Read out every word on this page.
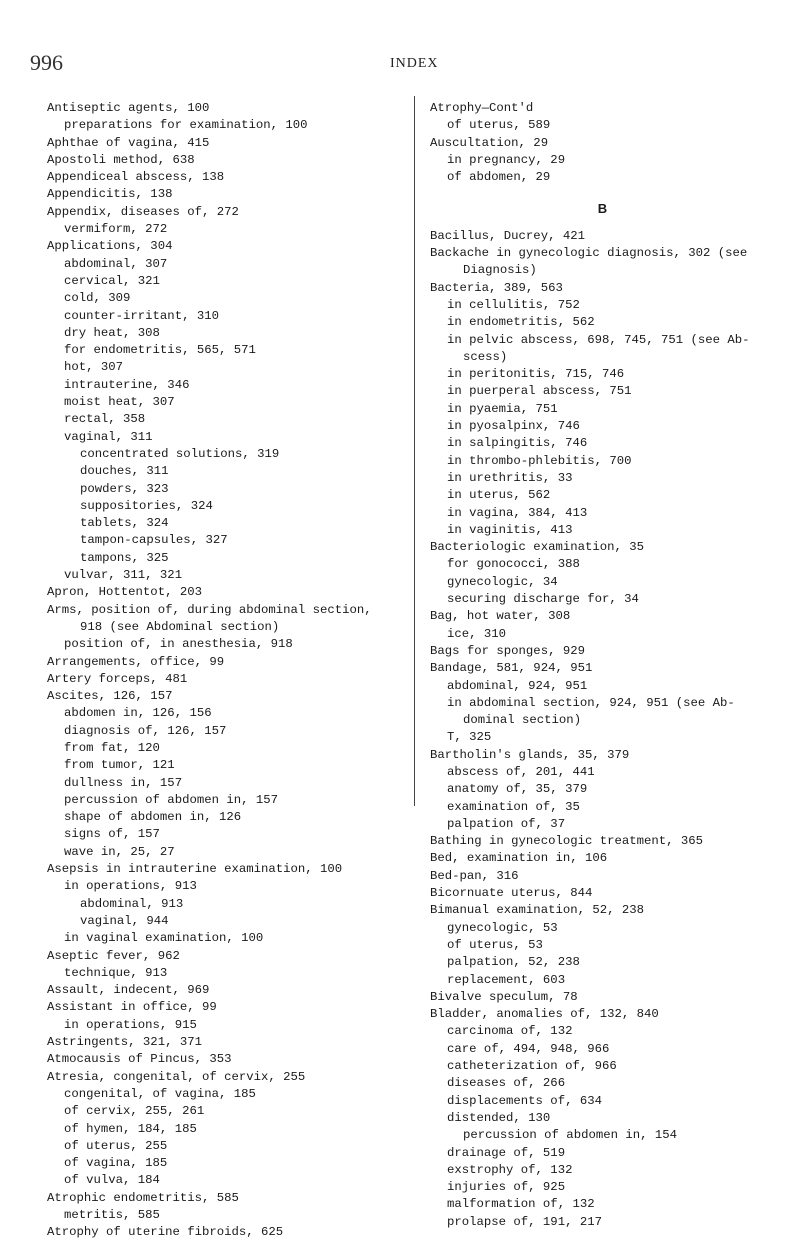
996	INDEX
Antiseptic agents, 100
preparations for examination, 100
Aphthae of vagina, 415
Apostoli method, 638
Appendiceal abscess, 138
Appendicitis, 138
Appendix, diseases of, 272
vermiform, 272
Applications, 304
abdominal, 307
cervical, 321
cold, 309
counter-irritant, 310
dry heat, 308
for endometritis, 565, 571
hot, 307
intrauterine, 346
moist heat, 307
rectal, 358
vaginal, 311
concentrated solutions, 319
douches, 311
powders, 323
suppositories, 324
tablets, 324
tampon-capsules, 327
tampons, 325
vulvar, 311, 321
Apron, Hottentot, 203
Arms, position of, during abdominal section,
918 (see Abdominal section)
position of, in anesthesia, 918
Arrangements, office, 99
Artery forceps, 481
Ascites, 126, 157
abdomen in, 126, 156
diagnosis of, 126, 157
from fat, 120
from tumor, 121
dullness in, 157
percussion of abdomen in, 157
shape of abdomen in, 126
signs of, 157
wave in, 25, 27
Asepsis in intrauterine examination, 100
in operations, 913
abdominal, 913
vaginal, 944
in vaginal examination, 100
Aseptic fever, 962
technique, 913
Assault, indecent, 969
Assistant in office, 99
in operations, 915
Astringents, 321, 371
Atmocausis of Pincus, 353
Atresia, congenital, of cervix, 255
congenital, of vagina, 185
of cervix, 255, 261
of hymen, 184, 185
of uterus, 255
of vagina, 185
of vulva, 184
Atrophic endometritis, 585
metritis, 585
Atrophy of uterine fibroids, 625
Atrophy—Cont'd
of uterus, 589
Auscultation, 29
in pregnancy, 29
of abdomen, 29
B
Bacillus, Ducrey, 421
Backache in gynecologic diagnosis, 302 (see
Diagnosis)
Bacteria, 389, 563
in cellulitis, 752
in endometritis, 562
in pelvic abscess, 698, 745, 751 (see Ab-
scess)
in peritonitis, 715, 746
in puerperal abscess, 751
in pyaemia, 751
in pyosalpinx, 746
in salpingitis, 746
in thrombo-phlebitis, 700
in urethritis, 33
in uterus, 562
in vagina, 384, 413
in vaginitis, 413
Bacteriologic examination, 35
for gonococci, 388
gynecologic, 34
securing discharge for, 34
Bag, hot water, 308
ice, 310
Bags for sponges, 929
Bandage, 581, 924, 951
abdominal, 924, 951
in abdominal section, 924, 951 (see Ab-
dominal section)
T, 325
Bartholin's glands, 35, 379
abscess of, 201, 441
anatomy of, 35, 379
examination of, 35
palpation of, 37
Bathing in gynecologic treatment, 365
Bed, examination in, 106
Bed-pan, 316
Bicornuate uterus, 844
Bimanual examination, 52, 238
gynecologic, 53
of uterus, 53
palpation, 52, 238
replacement, 603
Bivalve speculum, 78
Bladder, anomalies of, 132, 840
carcinoma of, 132
care of, 494, 948, 966
catheterization of, 966
diseases of, 266
displacements of, 634
distended, 130
percussion of abdomen in, 154
drainage of, 519
exstrophy of, 132
injuries of, 925
malformation of, 132
prolapse of, 191, 217
